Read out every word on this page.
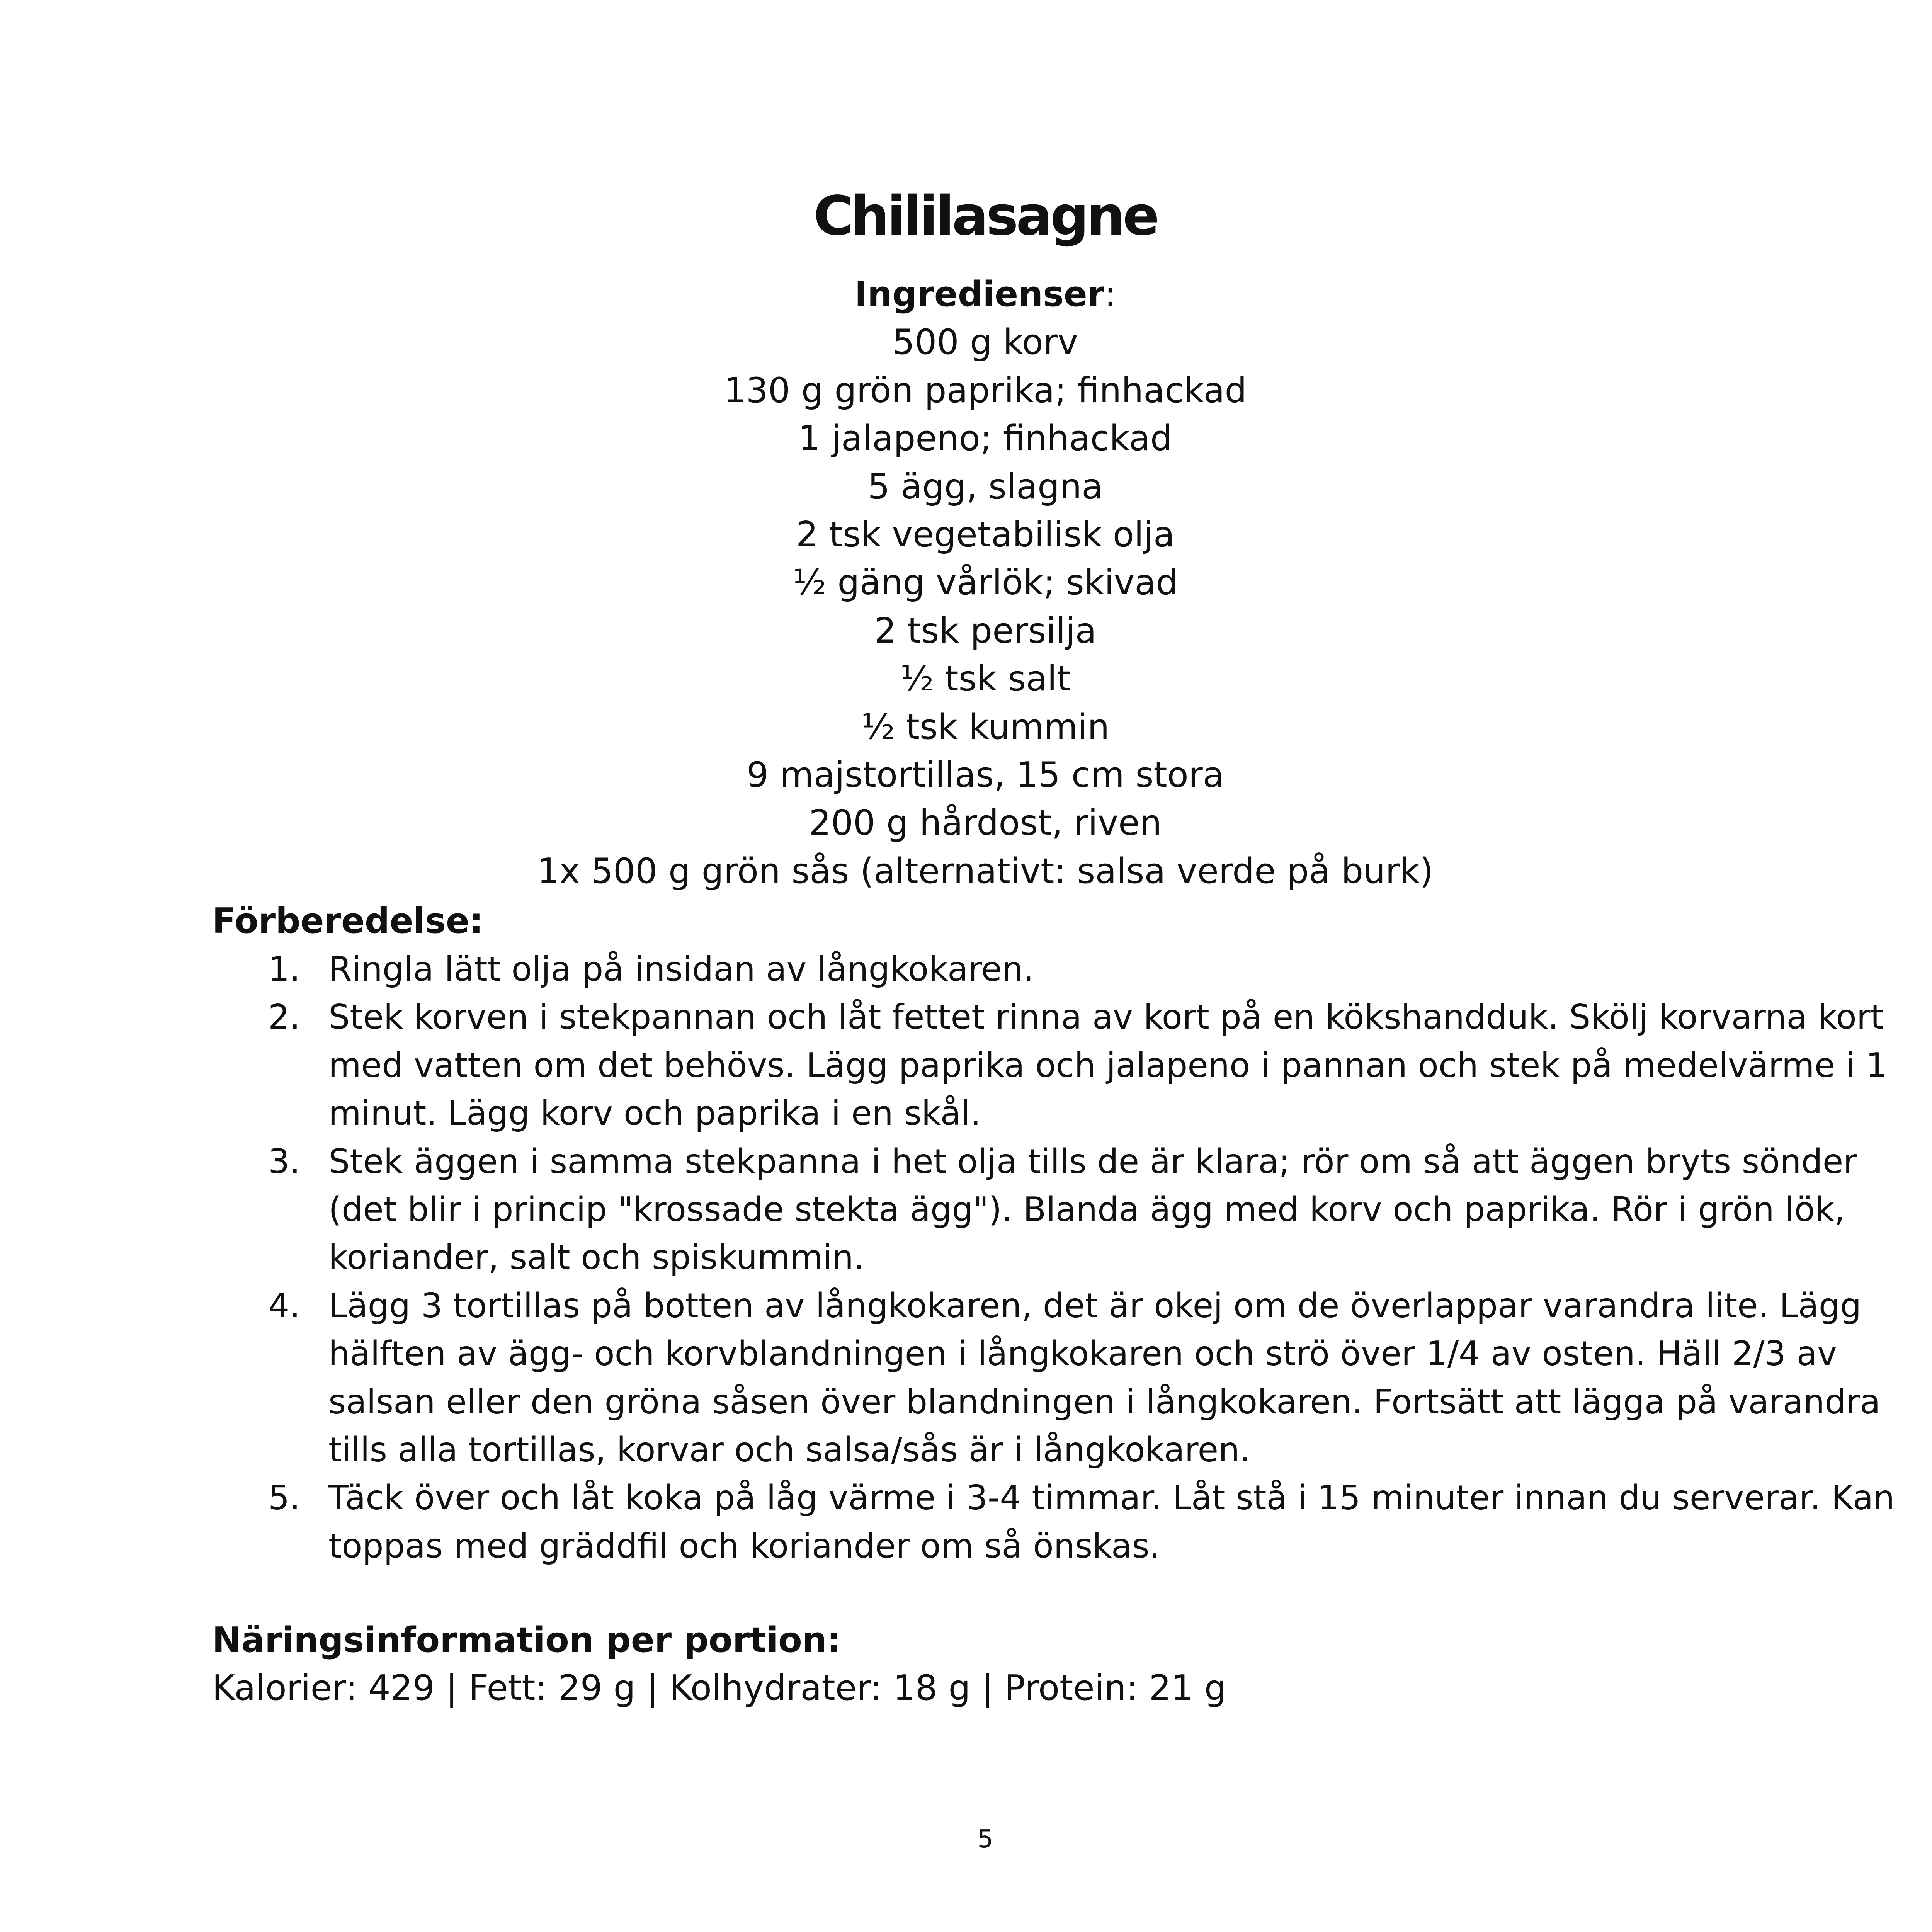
Chililasagne

Ingredienser:

500 g korv
130 g grön paprika; finhackad
1 jalapeno; finhackad
5 ägg, slagna
2 tsk vegetabilisk olja
½ gäng vårlök; skivad
2 tsk persilja
½ tsk salt
½ tsk kummin
9 majstortillas, 15 cm stora
200 g hårdost, riven
1x 500 g grön sås (alternativt: salsa verde på burk)

Förberedelse:

1. Ringla lätt olja på insidan av långkokaren.
2. Stek korven i stekpannan och låt fettet rinna av kort på en kökshandduk. Skölj korvarna kort med vatten om det behövs. Lägg paprika och jalapeno i pannan och stek på medelvärme i 1 minut. Lägg korv och paprika i en skål.
3. Stek äggen i samma stekpanna i het olja tills de är klara; rör om så att äggen bryts sönder (det blir i princip "krossade stekta ägg"). Blanda ägg med korv och paprika. Rör i grön lök, koriander, salt och spiskummin.
4. Lägg 3 tortillas på botten av långkokaren, det är okej om de överlappar varandra lite. Lägg hälften av ägg- och korvblandningen i långkokaren och strö över 1/4 av osten. Häll 2/3 av salsan eller den gröna såsen över blandningen i långkokaren. Fortsätt att lägga på varandra tills alla tortillas, korvar och salsa/sås är i långkokaren.
5. Täck över och låt koka på låg värme i 3-4 timmar. Låt stå i 15 minuter innan du serverar. Kan toppas med gräddfil och koriander om så önskas.

Näringsinformation per portion:

Kalorier: 429 | Fett: 29 g | Kolhydrater: 18 g | Protein: 21 g

5
